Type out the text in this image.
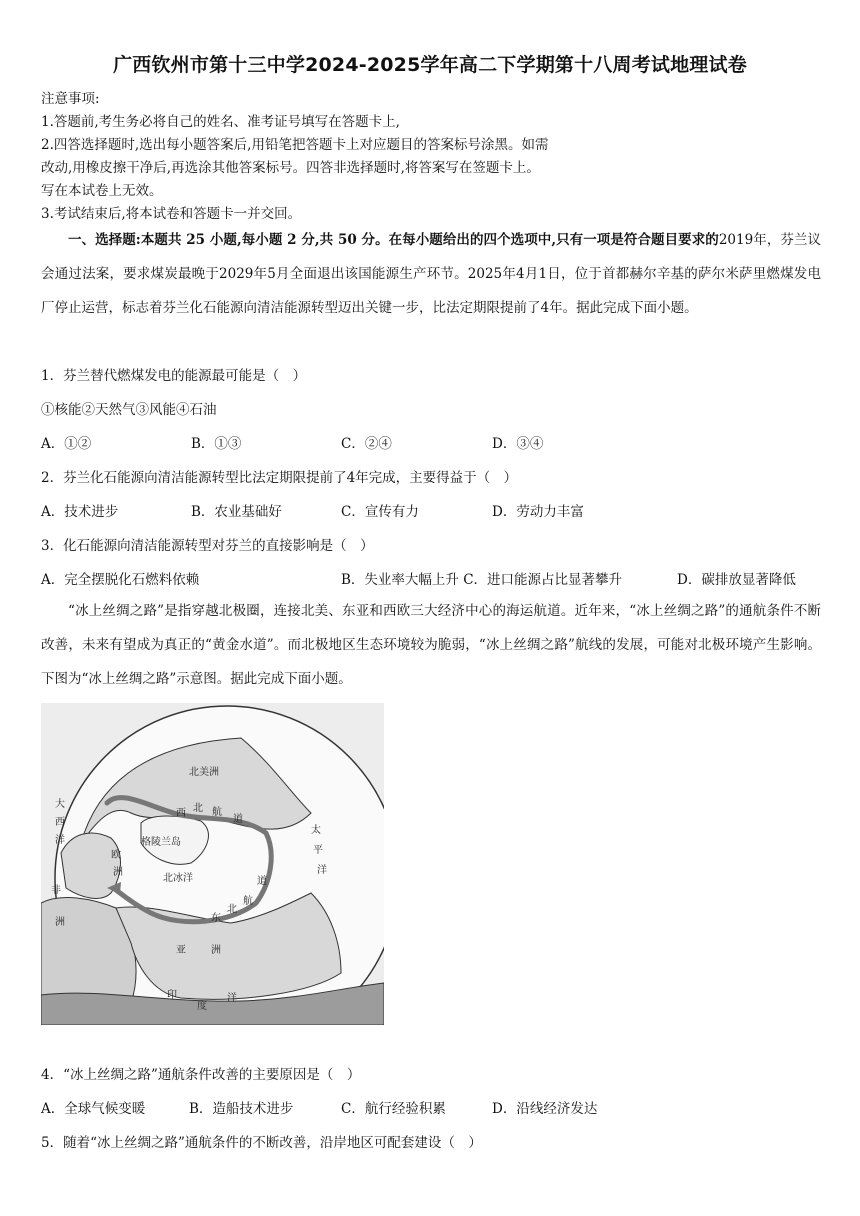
广西钦州市第十三中学2024-2025学年高二下学期第十八周考试地理试卷
注意事项:
1.答题前,考生务必将自己的姓名、准考证号填写在答题卡上,
2.四答选择题时,选出每小题答案后,用铅笔把答题卡上对应题目的答案标号涂黑。如需
改动,用橡皮擦干净后,再选涂其他答案标号。四答非选择题时,将答案写在签题卡上。
写在本试卷上无效。
3.考试结束后,将本试卷和答题卡一并交回。
一、选择题:本题共 25 小题,每小题 2 分,共 50 分。在每小题给出的四个选项中,只有一项是符合题目要求的2019年，芬兰议会通过法案，要求煤炭最晚于2029年5月全面退出该国能源生产环节。2025年4月1日，位于首都赫尔辛基的萨尔米萨里燃煤发电厂停止运营，标志着芬兰化石能源向清洁能源转型迈出关键一步，比法定期限提前了4年。据此完成下面小题。
1．芬兰替代燃煤发电的能源最可能是（　）
①核能②天然气③风能④石油
A．①②	B．①③	C．②④	D．③④
2．芬兰化石能源向清洁能源转型比法定期限提前了4年完成，主要得益于（　）
A．技术进步	B．农业基础好	C．宣传有力	D．劳动力丰富
3．化石能源向清洁能源转型对芬兰的直接影响是（　）
A．完全摆脱化石燃料依赖	B．失业率大幅上升 C．进口能源占比显著攀升	D．碳排放显著降低
“冰上丝绸之路”是指穿越北极圈，连接北美、东亚和西欧三大经济中心的海运航道。近年来，“冰上丝绸之路”的通航条件不断改善，未来有望成为真正的“黄金水道”。而北极地区生态环境较为脆弱，“冰上丝绸之路”航线的发展，可能对北极环境产生影响。下图为“冰上丝绸之路”示意图。据此完成下面小题。
北美洲
西 北 航
道
大
西
洋
太
平
洋
格陵兰岛
欧
洲
北冰洋
非
洲
道
航
北
东
亚	洲
印
度
洋
4．“冰上丝绸之路”通航条件改善的主要原因是（　）
A．全球气候变暖	B．造船技术进步	C．航行经验积累	D．沿线经济发达
5．随着“冰上丝绸之路”通航条件的不断改善，沿岸地区可配套建设（　）
